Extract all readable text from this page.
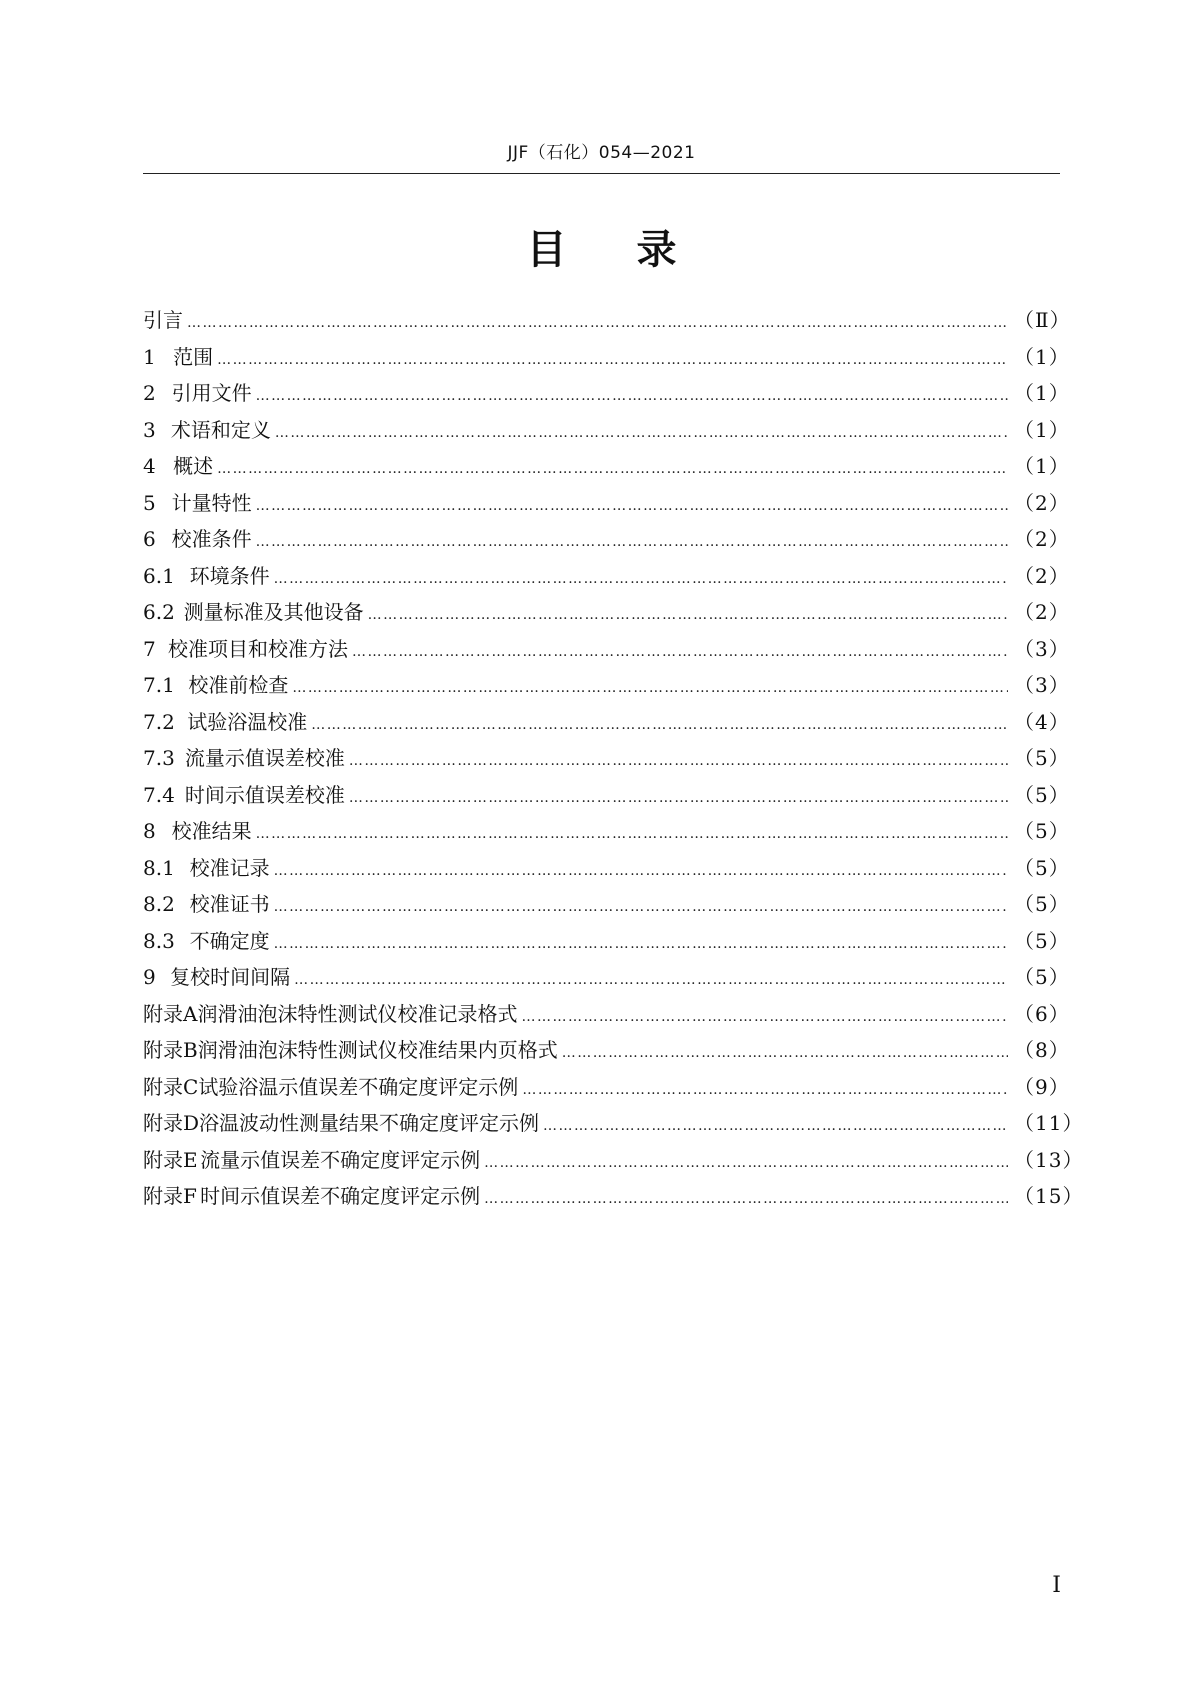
JJF（石化）054—2021
目录
引言 …………………………………………………………………………………………………………………………………………………………………	（Ⅱ）
1 范围 …………………………………………………………………………………………………………………………………………………………………	（1）
2 引用文件 …………………………………………………………………………………………………………………………………………………………………	（1）
3 术语和定义 …………………………………………………………………………………………………………………………………………………………………	（1）
4 概述 …………………………………………………………………………………………………………………………………………………………………	（1）
5 计量特性 …………………………………………………………………………………………………………………………………………………………………	（2）
6 校准条件 …………………………………………………………………………………………………………………………………………………………………	（2）
6.1 环境条件 …………………………………………………………………………………………………………………………………………………………………	（2）
6.2 测量标准及其他设备 …………………………………………………………………………………………………………………………………………………………………	（2）
7 校准项目和校准方法 …………………………………………………………………………………………………………………………………………………………………	（3）
7.1 校准前检查 …………………………………………………………………………………………………………………………………………………………………	（3）
7.2 试验浴温校准 …………………………………………………………………………………………………………………………………………………………………	（4）
7.3 流量示值误差校准 …………………………………………………………………………………………………………………………………………………………………	（5）
7.4 时间示值误差校准 …………………………………………………………………………………………………………………………………………………………………	（5）
8 校准结果 …………………………………………………………………………………………………………………………………………………………………	（5）
8.1 校准记录 …………………………………………………………………………………………………………………………………………………………………	（5）
8.2 校准证书 …………………………………………………………………………………………………………………………………………………………………	（5）
8.3 不确定度 …………………………………………………………………………………………………………………………………………………………………	（5）
9 复校时间间隔 …………………………………………………………………………………………………………………………………………………………………	（5）
附录A 润滑油泡沫特性测试仪校准记录格式 …………………………………………………………………………………………………………………………………………………………………	（6）
附录B 润滑油泡沫特性测试仪校准结果内页格式 …………………………………………………………………………………………………………………………………………………………………	（8）
附录C 试验浴温示值误差不确定度评定示例 …………………………………………………………………………………………………………………………………………………………………	（9）
附录D 浴温波动性测量结果不确定度评定示例 …………………………………………………………………………………………………………………………………………………………………	（11）
附录E 流量示值误差不确定度评定示例 …………………………………………………………………………………………………………………………………………………………………	（13）
附录F 时间示值误差不确定度评定示例 …………………………………………………………………………………………………………………………………………………………………	（15）
Ⅰ
